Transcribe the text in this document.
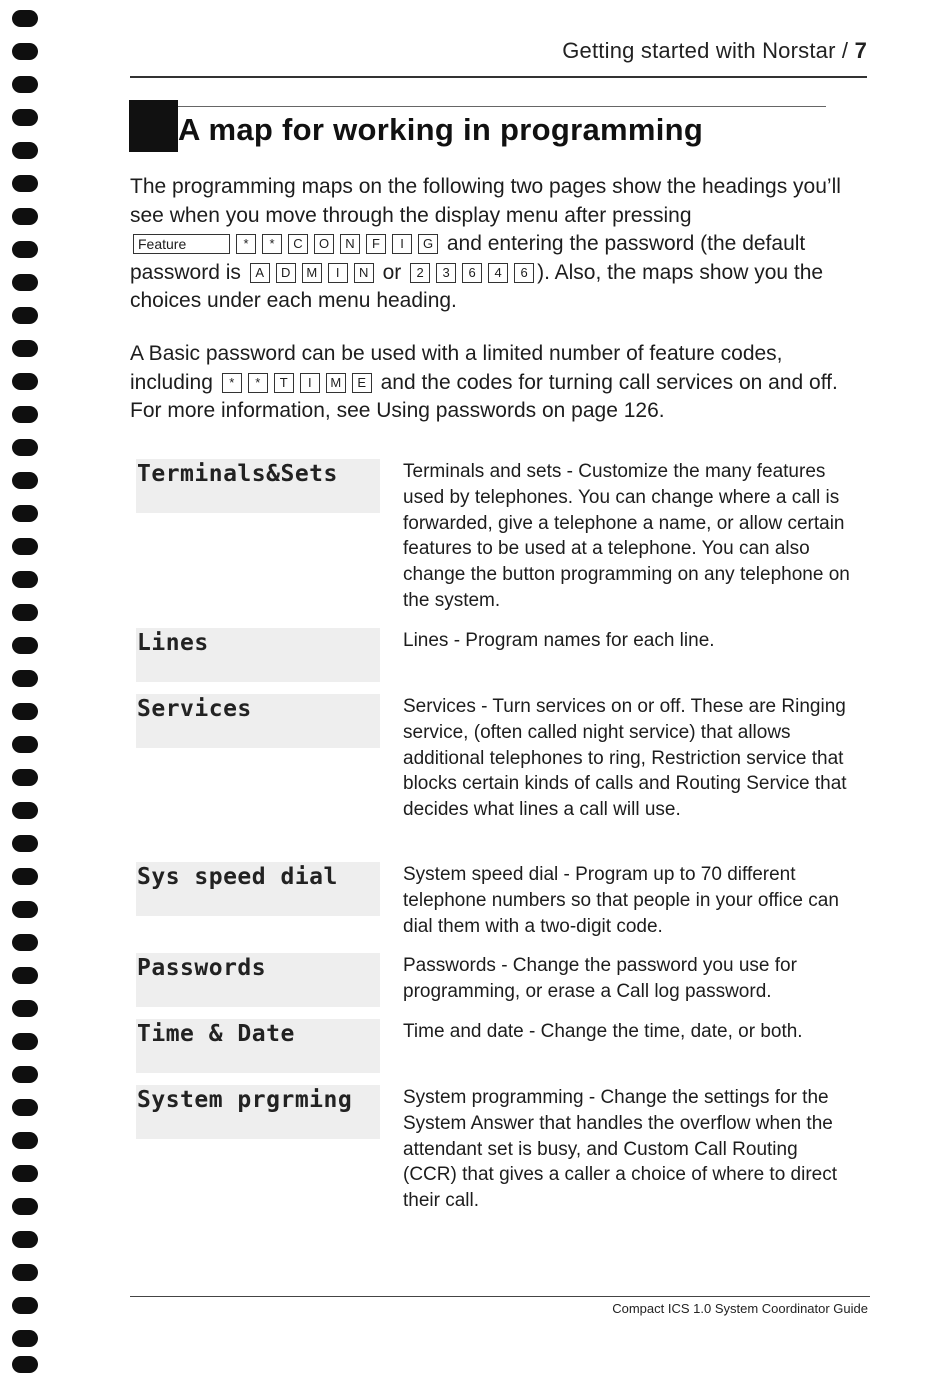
Getting started with Norstar / 7
A map for working in programming
The programming maps on the following two pages show the headings you’ll see when you move through the display menu after pressing
Feature	* * C O N F I G and entering the password (the default password is A D M I N or 2 3 6 4 6 ). Also, the maps show you the choices under each menu heading.
A Basic password can be used with a limited number of feature codes, including * * T I M E and the codes for turning call services on and off. For more information, see Using passwords on page 126.
Terminals&Sets	Terminals and sets - Customize the many features used by telephones. You can change where a call is forwarded, give a telephone a name, or allow certain features to be used at a telephone. You can also change the button programming on any telephone on the system.
Lines	Lines - Program names for each line.
Services	Services - Turn services on or off. These are Ringing service, (often called night service) that allows additional telephones to ring, Restriction service that blocks certain kinds of calls and Routing Service that decides what lines a call will use.
Sys speed dial	System speed dial - Program up to 70 different telephone numbers so that people in your office can dial them with a two-digit code.
Passwords	Passwords - Change the password you use for programming, or erase a Call log password.
Time & Date	Time and date - Change the time, date, or both.
System prgrming	System programming - Change the settings for the System Answer that handles the overflow when the attendant set is busy, and Custom Call Routing (CCR) that gives a caller a choice of where to direct their call.
Compact ICS 1.0 System Coordinator Guide
